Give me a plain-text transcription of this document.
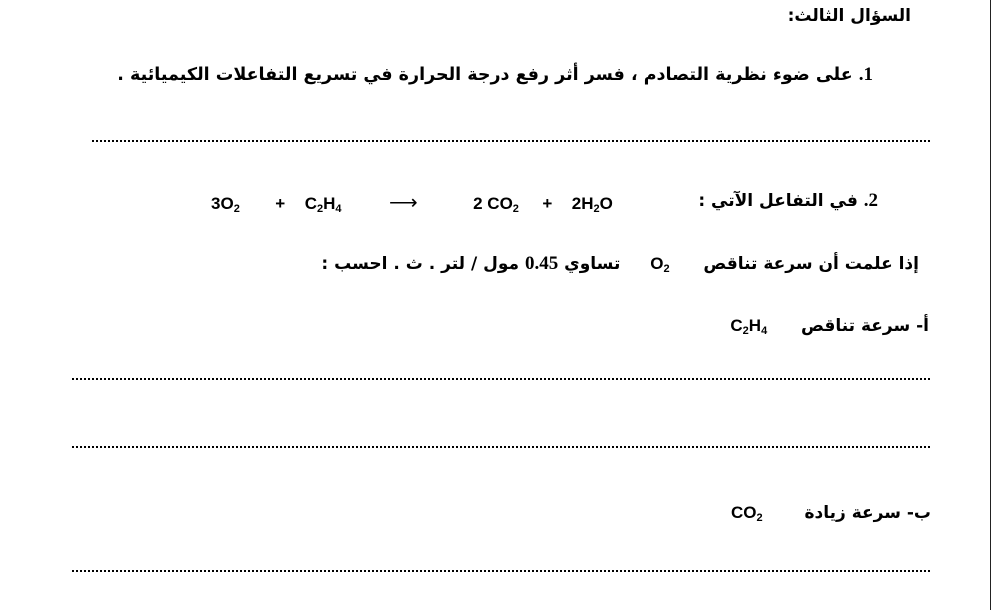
السؤال الثالث:
1. على ضوء نظرية التصادم ، فسر أثر رفع درجة الحرارة في تسريع التفاعلات الكيميائية .
2. في التفاعل الآتي :
$3O_2 + C_2H_4$ ⟶	2 $CO_2 + 2H_2O$
إذا علمت أن سرعة تناقص  $O_2$  تساوي 0.45 مول / لتر . ث . احسب :
أ- سرعة تناقص  $C_2H_4$
ب- سرعة زيادة  $CO_2$
